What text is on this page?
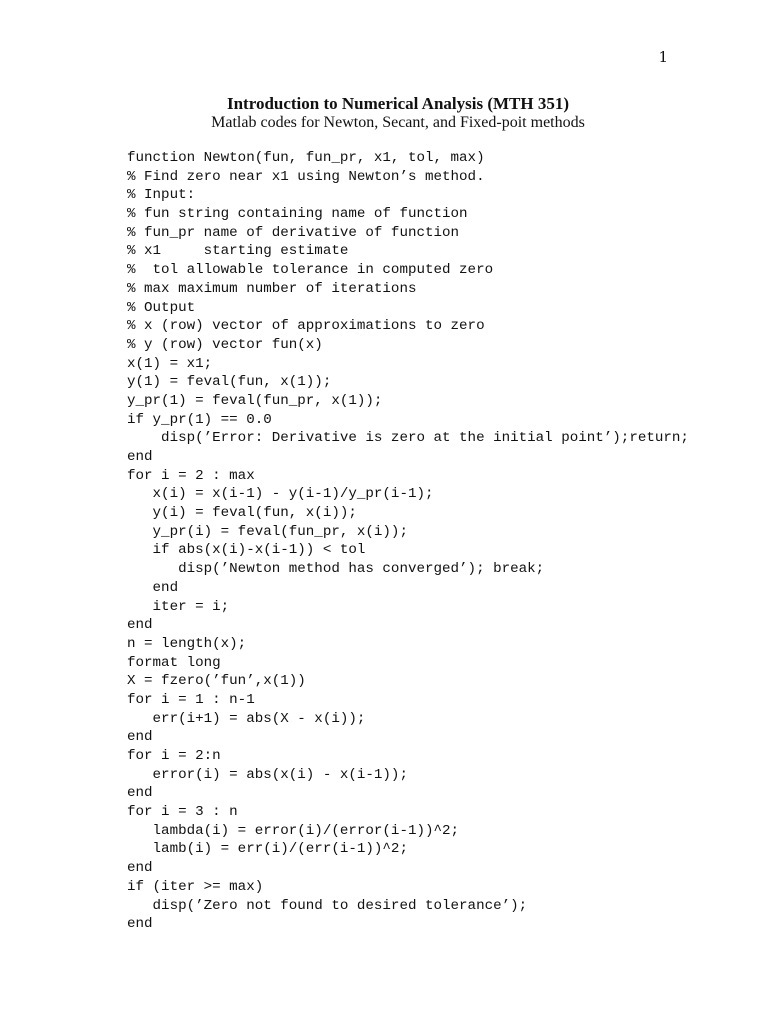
1
Introduction to Numerical Analysis (MTH 351)
Matlab codes for Newton, Secant, and Fixed-poit methods
function Newton(fun, fun_pr, x1, tol, max)
% Find zero near x1 using Newton’s method.
% Input:
% fun string containing name of function
% fun_pr name of derivative of function
% x1     starting estimate
%  tol allowable tolerance in computed zero
% max maximum number of iterations
% Output
% x (row) vector of approximations to zero
% y (row) vector fun(x)
x(1) = x1;
y(1) = feval(fun, x(1));
y_pr(1) = feval(fun_pr, x(1));
if y_pr(1) == 0.0
disp(’Error: Derivative is zero at the initial point’);return;
end
for i = 2 : max
x(i) = x(i-1) - y(i-1)/y_pr(i-1);
y(i) = feval(fun, x(i));
y_pr(i) = feval(fun_pr, x(i));
if abs(x(i)-x(i-1)) < tol
disp(’Newton method has converged’); break;
end
iter = i;
end
n = length(x);
format long
X = fzero(’fun’,x(1))
for i = 1 : n-1
err(i+1) = abs(X - x(i));
end
for i = 2:n
error(i) = abs(x(i) - x(i-1));
end
for i = 3 : n
lambda(i) = error(i)/(error(i-1))^2;
lamb(i) = err(i)/(err(i-1))^2;
end
if (iter >= max)
disp(’Zero not found to desired tolerance’);
end
